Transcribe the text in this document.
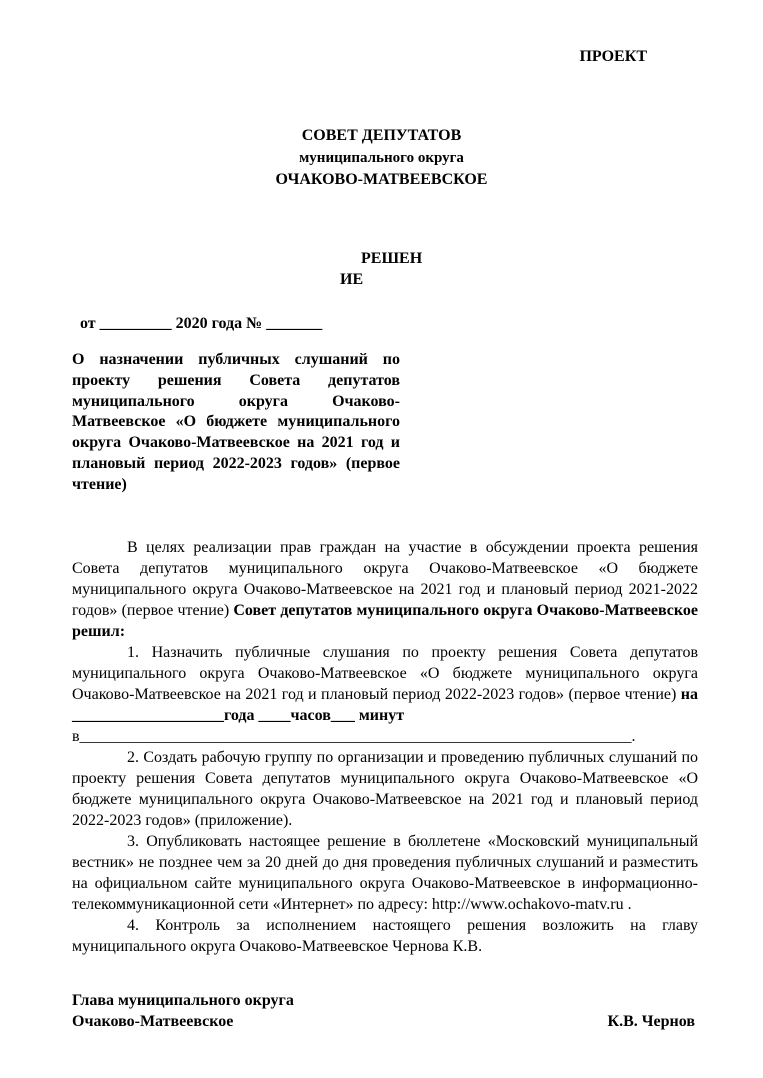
ПРОЕКТ
СОВЕТ ДЕПУТАТОВ
муниципального округа
ОЧАКОВО-МАТВЕЕВСКОЕ
РЕШЕН
ИЕ
от _________ 2020 года № _______
О назначении публичных слушаний по проекту решения Совета депутатов муниципального округа Очаково-Матвеевское «О бюджете муниципального округа Очаково-Матвеевское на 2021 год и плановый период 2022-2023 годов» (первое чтение)

В целях реализации прав граждан на участие в обсуждении проекта решения Совета депутатов муниципального округа Очаково-Матвеевское «О бюджете муниципального округа Очаково-Матвеевское на 2021 год и плановый период 2021-2022 годов» (первое чтение) Совет депутатов муниципального округа Очаково-Матвеевское решил:

1. Назначить публичные слушания по проекту решения Совета депутатов муниципального округа Очаково-Матвеевское «О бюджете муниципального округа Очаково-Матвеевское на 2021 год и плановый период 2022-2023 годов» (первое чтение) на ___________________года ____часов___ минут

в_____________________________________________________________________.

2. Создать рабочую группу по организации и проведению публичных слушаний по проекту решения Совета депутатов муниципального округа Очаково-Матвеевское «О бюджете муниципального округа Очаково-Матвеевское на 2021 год и плановый период 2022-2023 годов» (приложение).

3. Опубликовать настоящее решение в бюллетене «Московский муниципальный вестник» не позднее чем за 20 дней до дня проведения публичных слушаний и разместить на официальном сайте муниципального округа Очаково-Матвеевское в информационно-телекоммуникационной сети «Интернет» по адресу: http://www.ochakovo-matv.ru .

4. Контроль за исполнением настоящего решения возложить на главу муниципального округа Очаково-Матвеевское Чернова К.В.

Глава муниципального округа
Очаково-Матвеевское	К.В. Чернов
